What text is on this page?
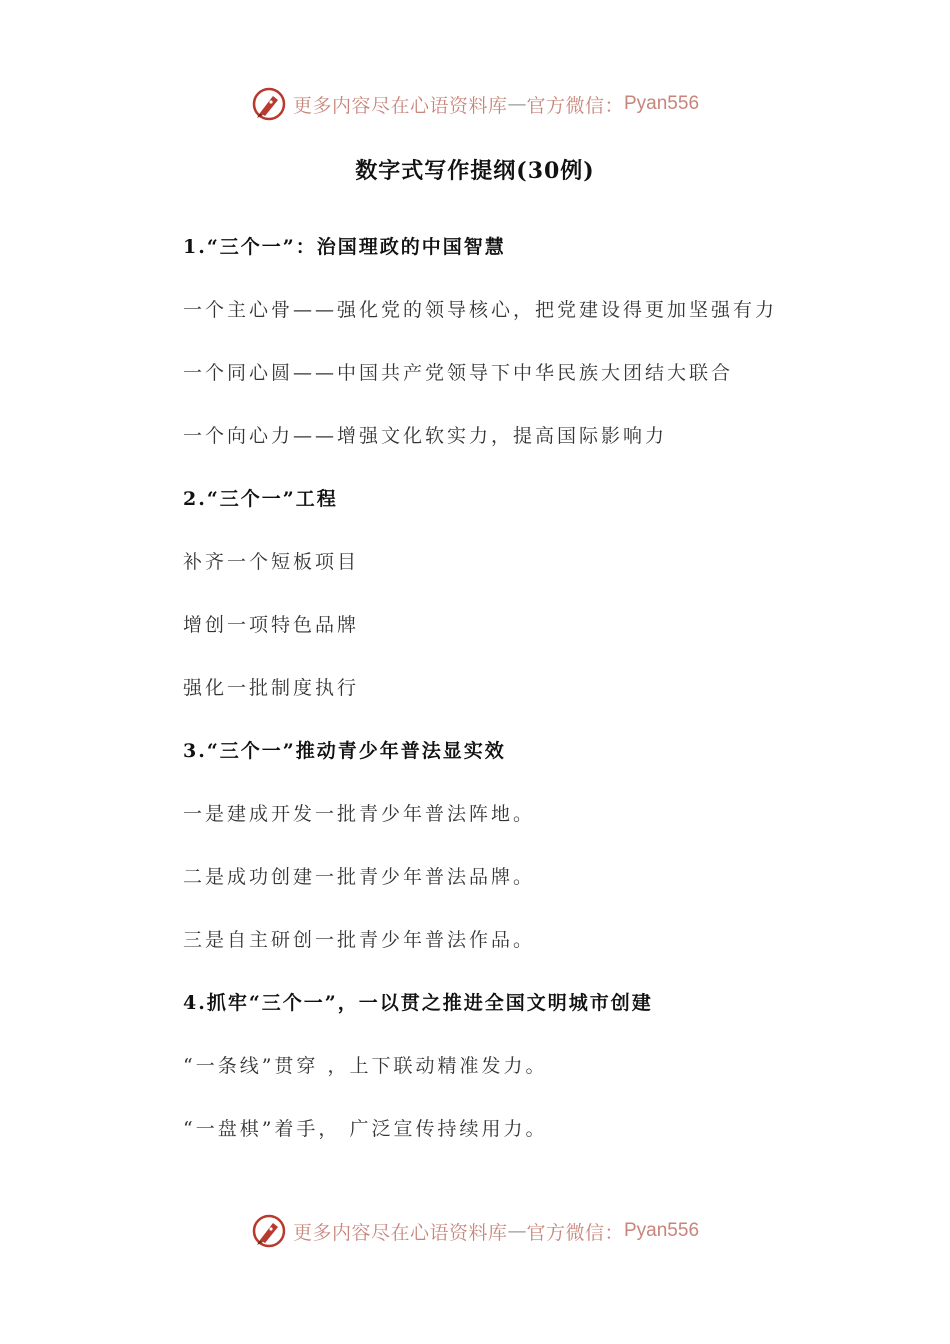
更多内容尽在心语资料库 — 官方微信： Pyan556
数字式写作提纲(30例)
1.“三个一”：治国理政的中国智慧
一个主心骨——强化党的领导核心，把党建设得更加坚强有力
一个同心圆——中国共产党领导下中华民族大团结大联合
一个向心力——增强文化软实力，提高国际影响力
2.“三个一”工程
补齐一个短板项目
增创一项特色品牌
强化一批制度执行
3.“三个一”推动青少年普法显实效
一是建成开发一批青少年普法阵地。
二是成功创建一批青少年普法品牌。
三是自主研创一批青少年普法作品。
4.抓牢“三个一”，一以贯之推进全国文明城市创建
“一条线”贯穿 ，上下联动精准发力。
“一盘棋”着手， 广泛宣传持续用力。
更多内容尽在心语资料库 — 官方微信： Pyan556
